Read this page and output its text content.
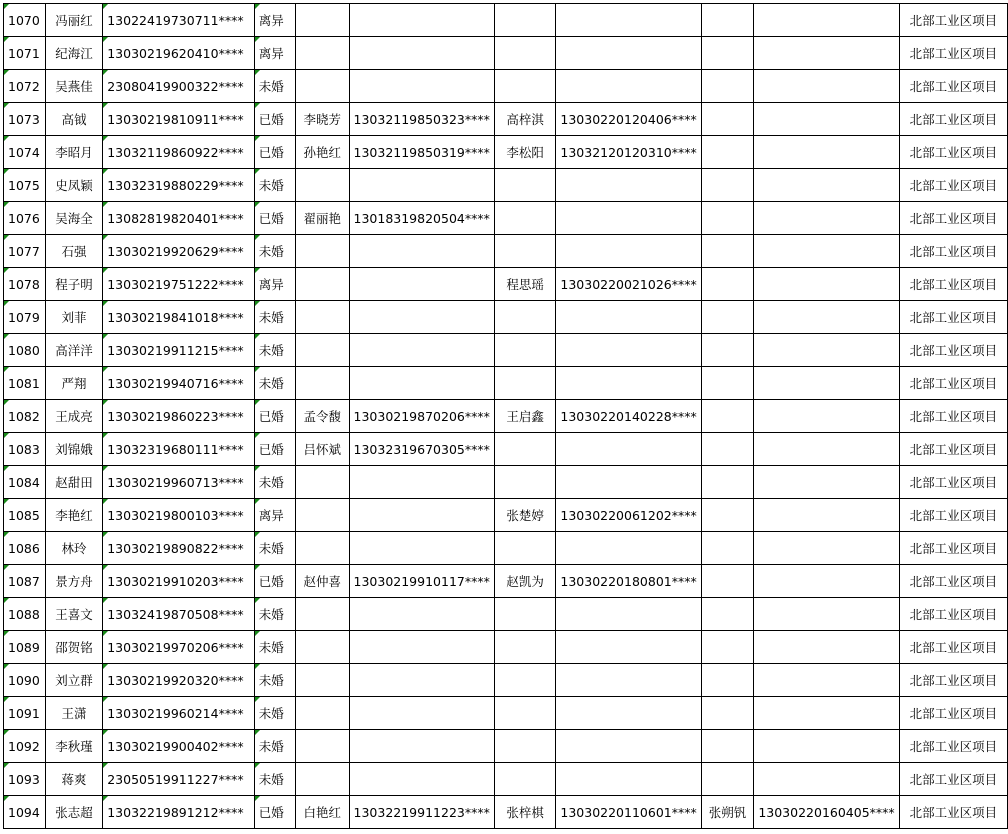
1070	冯丽红	13022419730711****	离异							北部工业区项目
1071	纪海江	13030219620410****	离异							北部工业区项目
1072	吴燕佳	23080419900322****	未婚							北部工业区项目
1073	高钺	13030219810911****	已婚	李晓芳	13032119850323****	高梓淇	13030220120406****			北部工业区项目
1074	李昭月	13032119860922****	已婚	孙艳红	13032119850319****	李松阳	13032120120310****			北部工业区项目
1075	史凤颖	13032319880229****	未婚							北部工业区项目
1076	吴海全	13082819820401****	已婚	翟丽艳	13018319820504****					北部工业区项目
1077	石强	13030219920629****	未婚							北部工业区项目
1078	程子明	13030219751222****	离异			程思瑶	13030220021026****			北部工业区项目
1079	刘菲	13030219841018****	未婚							北部工业区项目
1080	高洋洋	13030219911215****	未婚							北部工业区项目
1081	严翔	13030219940716****	未婚							北部工业区项目
1082	王成亮	13030219860223****	已婚	孟令馥	13030219870206****	王启鑫	13030220140228****			北部工业区项目
1083	刘锦娥	13032319680111****	已婚	吕怀斌	13032319670305****					北部工业区项目
1084	赵甜田	13030219960713****	未婚							北部工业区项目
1085	李艳红	13030219800103****	离异			张楚婷	13030220061202****			北部工业区项目
1086	林玲	13030219890822****	未婚							北部工业区项目
1087	景方舟	13030219910203****	已婚	赵仲喜	13030219910117****	赵凯为	13030220180801****			北部工业区项目
1088	王喜文	13032419870508****	未婚							北部工业区项目
1089	邵贺铭	13030219970206****	未婚							北部工业区项目
1090	刘立群	13030219920320****	未婚							北部工业区项目
1091	王潇	13030219960214****	未婚							北部工业区项目
1092	李秋瑾	13030219900402****	未婚							北部工业区项目
1093	蒋爽	23050519911227****	未婚							北部工业区项目
1094	张志超	13032219891212****	已婚	白艳红	13032219911223****	张梓棋	13030220110601****	张朔钒	13030220160405****	北部工业区项目
